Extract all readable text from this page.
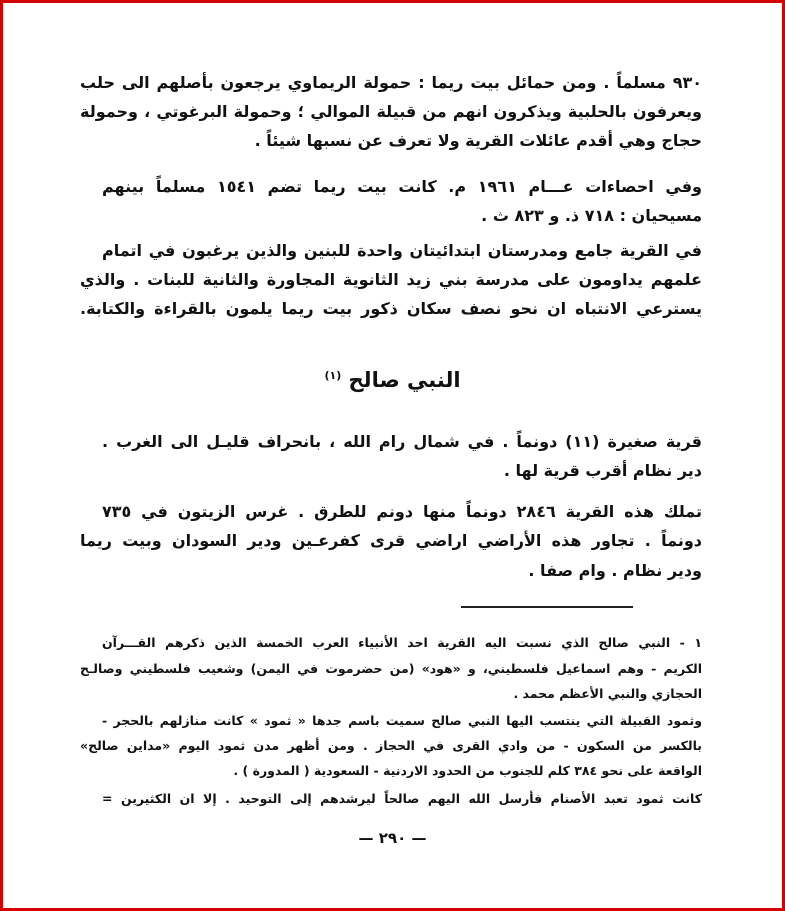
٩٣٠ مسلماً . ومن حمائل بيت ريما : حمولة الريماوي يرجعون بأصلهم الى حلب
ويعرفون بالحلبية ويذكرون انهم من قبيلة الموالي ؛ وحمولة البرغوتي ، وحمولة
حجاج وهي أقدم عائلات القرية ولا تعرف عن نسبها شيئاً .
وفي احصاءات عـــام ١٩٦١ م. كانت بيت ريما تضم ١٥٤١ مسلماً بينهم
مسيحيان : ٧١٨ ذ. و ٨٢٣ ث .
في القرية جامع ومدرستان ابتدائيتان واحدة للبنين والذين يرغبون في اتمام
علمهم يداومون على مدرسة بني زيد الثانوية المجاورة والثانية للبنات . والذي
يسترعي الانتباه ان نحو نصف سكان ذكور بيت ريما يلمون بالقراءة والكتابة.
النبي صالح $^{(١)}$
قرية صغيرة (١١) دونماً . في شمال رام الله ، بانحراف قليـل الى الغرب .
دير نظام أقرب قرية لها .
تملك هذه القرية ٢٨٤٦ دونماً منها دونم للطرق . غرس الزيتون في ٧٣٥
دونماً . تجاور هذه الأراضي اراضي قرى كفرعـين ودير السودان وبيت ريما
ودير نظام . وام صفا .
١ - النبي صالح الذي نسبت اليه القرية احد الأنبياء العرب الخمسة الذين ذكرهم القـــرآن
الكريم - وهم اسماعيل فلسطيني، و «هود» (من حضرموت في اليمن) وشعيب فلسطيني وصالـح
الحجازي والنبي الأعظم محمد .
وثمود القبيلة التي ينتسب اليها النبي صالح سميت باسم جدها « ثمود » كانت منازلهم بالحجر -
بالكسر من السكون - من وادي القرى في الحجاز . ومن أظهر مدن ثمود اليوم «مداين صالح»
الواقعة على نحو ٣٨٤ كلم للجنوب من الحدود الاردنية - السعودية ( المدورة ) .
كانت ثمود تعبد الأصنام فأرسل الله اليهم صالحاً ليرشدهم إلى التوحيد . إلا ان الكثيرين =
— ٢٩٠ —
